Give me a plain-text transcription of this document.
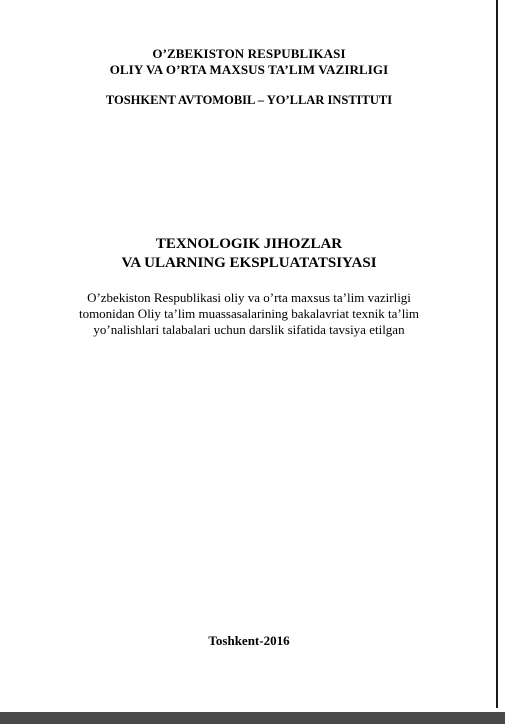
O’ZBEKISTON RESPUBLIKASI
OLIY VA O’RTA MAXSUS TA’LIM VAZIRLIGI
TOSHKENT AVTOMOBIL – YO’LLAR INSTITUTI
TEXNOLOGIK JIHOZLAR
VA ULARNING EKSPLUATATSIYASI
O’zbekiston Respublikasi oliy va o’rta maxsus ta’lim vazirligi
tomonidan Oliy ta’lim muassasalarining bakalavriat texnik ta’lim
yo’nalishlari talabalari uchun darslik sifatida tavsiya etilgan
Toshkent-2016
